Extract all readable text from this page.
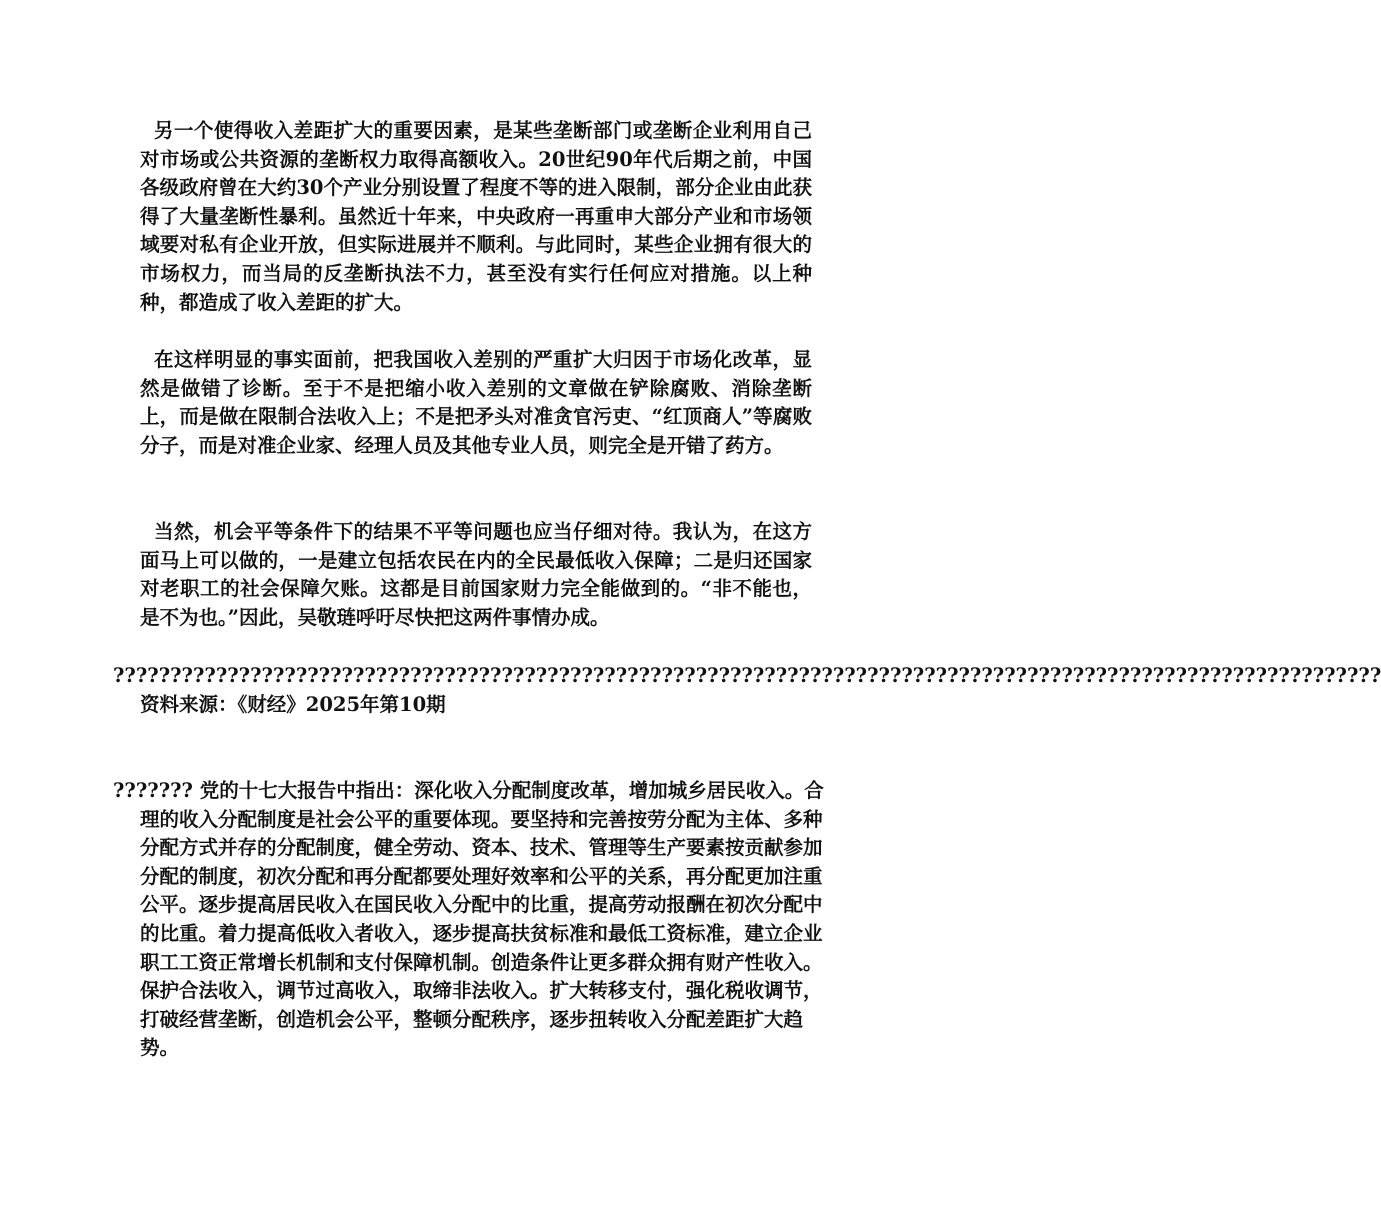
另一个使得收入差距扩大的重要因素，是某些垄断部门或垄断企业利用自己对市场或公共资源的垄断权力取得高额收入。20世纪90年代后期之前，中国各级政府曾在大约30个产业分别设置了程度不等的进入限制，部分企业由此获得了大量垄断性暴利。虽然近十年来，中央政府一再重申大部分产业和市场领域要对私有企业开放，但实际进展并不顺利。与此同时，某些企业拥有很大的市场权力，而当局的反垄断执法不力，甚至没有实行任何应对措施。以上种种，都造成了收入差距的扩大。

在这样明显的事实面前，把我国收入差别的严重扩大归因于市场化改革，显然是做错了诊断。至于不是把缩小收入差别的文章做在铲除腐败、消除垄断上，而是做在限制合法收入上；不是把矛头对准贪官污吏、“红顶商人”等腐败分子，而是对准企业家、经理人员及其他专业人员，则完全是开错了药方。

当然，机会平等条件下的结果不平等问题也应当仔细对待。我认为，在这方面马上可以做的，一是建立包括农民在内的全民最低收入保障；二是归还国家对老职工的社会保障欠账。这都是目前国家财力完全能做到的。“非不能也，是不为也。”因此，吴敬琏呼吁尽快把这两件事情办成。

???????????????????????????????????????????????????????????????????????????????????????????????????????????????资料来源：《财经》2025年第10期

??????? 党的十七大报告中指出：深化收入分配制度改革，增加城乡居民收入。合理的收入分配制度是社会公平的重要体现。要坚持和完善按劳分配为主体、多种分配方式并存的分配制度，健全劳动、资本、技术、管理等生产要素按贡献参加分配的制度，初次分配和再分配都要处理好效率和公平的关系，再分配更加注重公平。逐步提高居民收入在国民收入分配中的比重，提高劳动报酬在初次分配中的比重。着力提高低收入者收入，逐步提高扶贫标准和最低工资标准，建立企业职工工资正常增长机制和支付保障机制。创造条件让更多群众拥有财产性收入。保护合法收入，调节过高收入，取缔非法收入。扩大转移支付，强化税收调节，打破经营垄断，创造机会公平，整顿分配秩序，逐步扭转收入分配差距扩大趋势。
